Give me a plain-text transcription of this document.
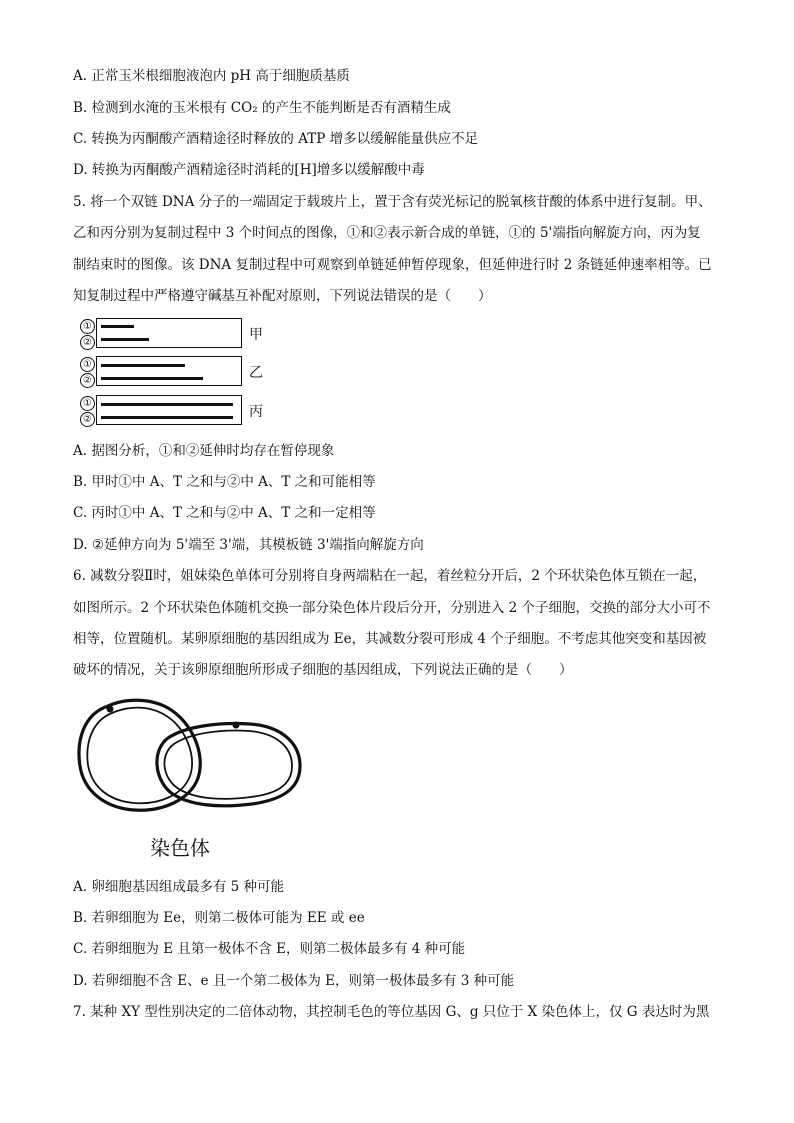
A. 正常玉米根细胞液泡内 pH 高于细胞质基质
B. 检测到水淹的玉米根有 CO₂ 的产生不能判断是否有酒精生成
C. 转换为丙酮酸产酒精途径时释放的 ATP 增多以缓解能量供应不足
D. 转换为丙酮酸产酒精途径时消耗的[H]增多以缓解酸中毒
5. 将一个双链 DNA 分子的一端固定于载玻片上，置于含有荧光标记的脱氧核苷酸的体系中进行复制。甲、
乙和丙分别为复制过程中 3 个时间点的图像，①和②表示新合成的单链，①的 5'端指向解旋方向，丙为复
制结束时的图像。该 DNA 复制过程中可观察到单链延伸暂停现象，但延伸进行时 2 条链延伸速率相等。已
知复制过程中严格遵守碱基互补配对原则，下列说法错误的是（　　）
①
②	甲
①
②	乙
①
②	丙
A. 据图分析，①和②延伸时均存在暂停现象
B. 甲时①中 A、T 之和与②中 A、T 之和可能相等
C. 丙时①中 A、T 之和与②中 A、T 之和一定相等
D. ②延伸方向为 5'端至 3'端，其模板链 3'端指向解旋方向
6. 减数分裂Ⅱ时，姐妹染色单体可分别将自身两端粘在一起，着丝粒分开后，2 个环状染色体互锁在一起，
如图所示。2 个环状染色体随机交换一部分染色体片段后分开，分别进入 2 个子细胞，交换的部分大小可不
相等，位置随机。某卵原细胞的基因组成为 Ee，其减数分裂可形成 4 个子细胞。不考虑其他突变和基因被
破坏的情况，关于该卵原细胞所形成子细胞的基因组成，下列说法正确的是（　　）
染色体
A. 卵细胞基因组成最多有 5 种可能
B. 若卵细胞为 Ee，则第二极体可能为 EE 或 ee
C. 若卵细胞为 E 且第一极体不含 E，则第二极体最多有 4 种可能
D. 若卵细胞不含 E、e 且一个第二极体为 E，则第一极体最多有 3 种可能
7. 某种 XY 型性别决定的二倍体动物，其控制毛色的等位基因 G、g 只位于 X 染色体上，仅 G 表达时为黑
